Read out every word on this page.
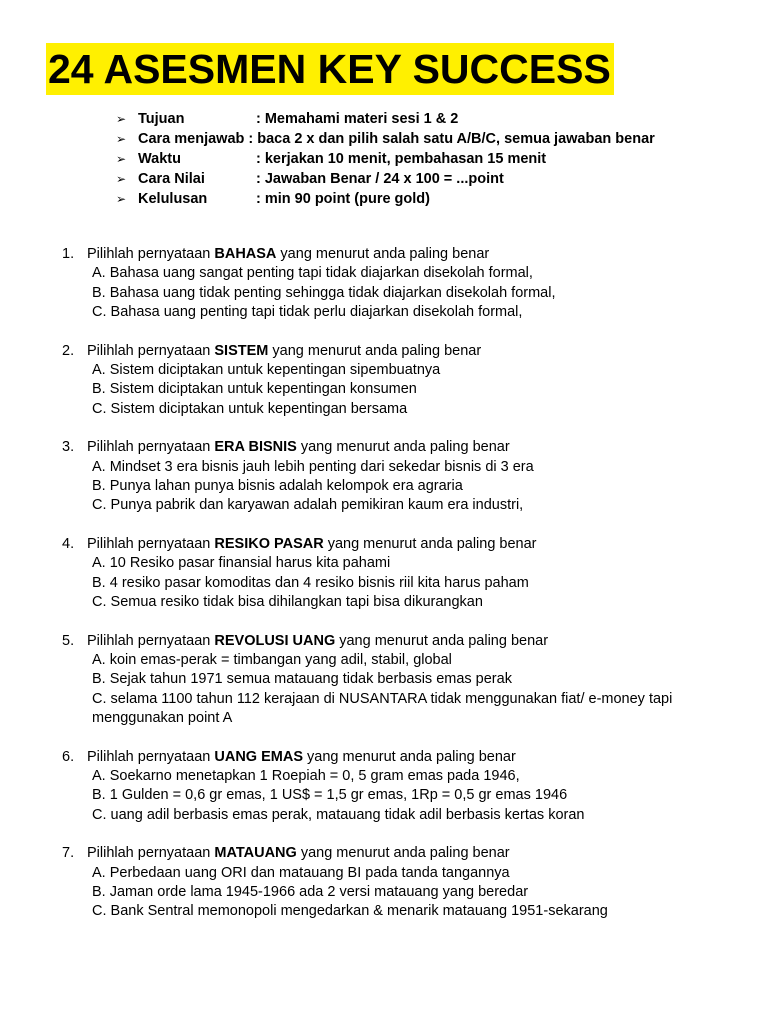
24 ASESMEN KEY SUCCESS
➢ Tujuan	: Memahami materi sesi 1 & 2
➢ Cara menjawab : baca 2 x dan pilih salah satu A/B/C, semua jawaban benar
➢ Waktu	: kerjakan 10 menit, pembahasan 15 menit
➢ Cara Nilai	: Jawaban Benar / 24 x 100 = ...point
➢ Kelulusan	: min 90 point (pure gold)
1. Pilihlah pernyataan BAHASA yang menurut anda paling benar
A. Bahasa uang sangat penting tapi tidak diajarkan disekolah formal,
B. Bahasa uang tidak penting sehingga tidak diajarkan disekolah formal,
C. Bahasa uang penting tapi tidak perlu diajarkan disekolah formal,
2. Pilihlah pernyataan SISTEM yang menurut anda paling benar
A. Sistem diciptakan untuk kepentingan sipembuatnya
B. Sistem diciptakan untuk kepentingan konsumen
C. Sistem diciptakan untuk kepentingan bersama
3. Pilihlah pernyataan ERA BISNIS yang menurut anda paling benar
A. Mindset 3 era bisnis jauh lebih penting dari sekedar bisnis di 3 era
B. Punya lahan punya bisnis adalah kelompok era agraria
C. Punya pabrik dan karyawan adalah pemikiran kaum era industri,
4. Pilihlah pernyataan RESIKO PASAR yang menurut anda paling benar
A. 10 Resiko pasar finansial harus kita pahami
B. 4 resiko pasar komoditas dan 4 resiko bisnis riil kita harus paham
C. Semua resiko tidak bisa dihilangkan tapi bisa dikurangkan
5. Pilihlah pernyataan REVOLUSI UANG yang menurut anda paling benar
A. koin emas-perak = timbangan yang adil, stabil, global
B. Sejak tahun 1971 semua matauang tidak berbasis emas perak
C. selama 1100 tahun 112 kerajaan di NUSANTARA tidak menggunakan fiat/ e-money tapi menggunakan point A
6. Pilihlah pernyataan UANG EMAS yang menurut anda paling benar
A. Soekarno menetapkan 1 Roepiah = 0, 5 gram emas pada 1946,
B. 1 Gulden = 0,6 gr emas, 1 US$ = 1,5 gr emas, 1Rp = 0,5 gr emas 1946
C. uang adil berbasis emas perak, matauang tidak adil berbasis kertas koran
7. Pilihlah pernyataan MATAUANG yang menurut anda paling benar
A. Perbedaan uang ORI dan matauang BI pada tanda tangannya
B. Jaman orde lama 1945-1966 ada 2 versi matauang yang beredar
C. Bank Sentral memonopoli mengedarkan & menarik matauang 1951-sekarang
